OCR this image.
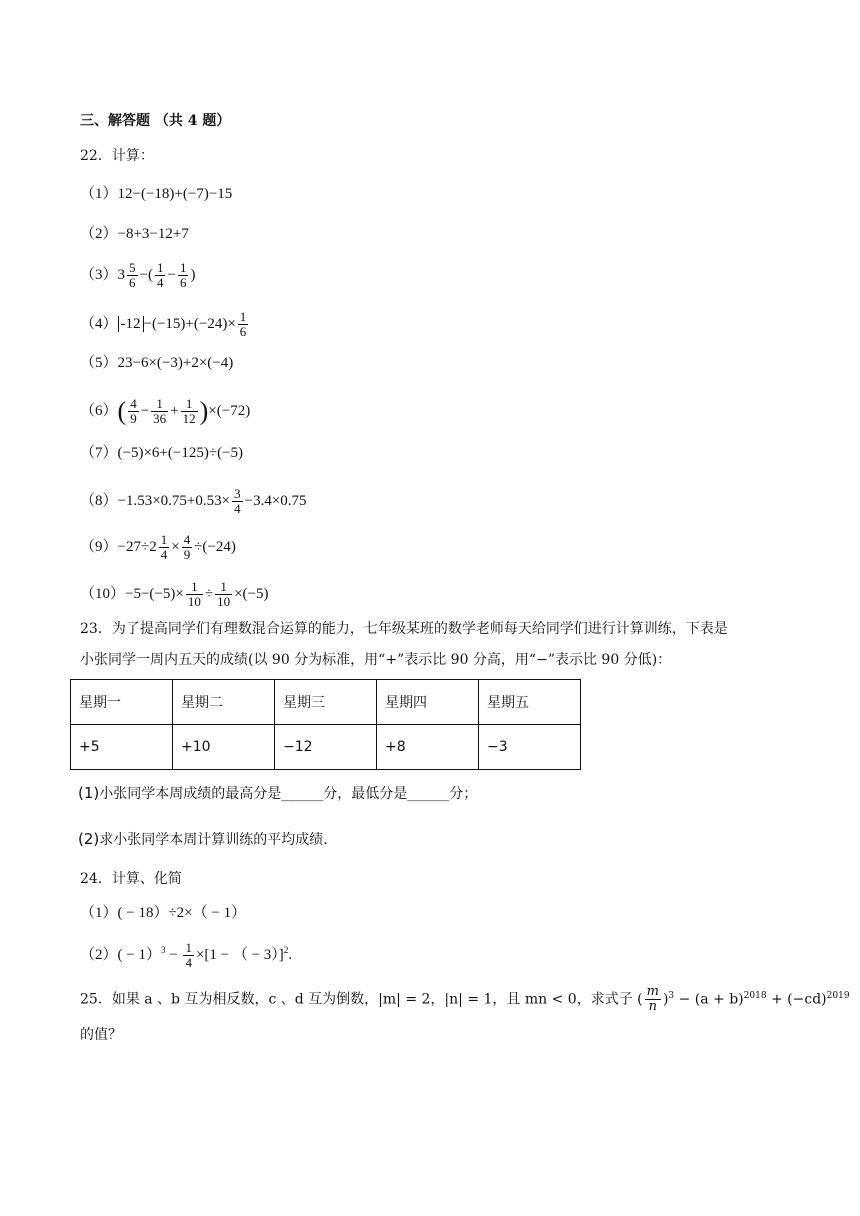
三、解答题 （共 4 题）
22．计算：
（1）12−(−18)+(−7)−15
（2）−8+3−12+7
$(3)3 \frac{5}{6}$ −( $\frac{1}{4} - \frac{1}{6}$ )
（4） $-12 -(-15)+(-24)\times \frac{1}{6}$
（5）23−6×(−3)+2×(−4)
$(6)( \frac{4}{9} - \frac{1}{36} + \frac{1}{12} )\times(-72)$
（7）(−5)×6+(−125)÷(−5)
$(8)-1.53\times 0.75+0.53\times \frac{3}{4} -3.4\times 0.75$
$(9)-27\div 2 \frac{1}{4} \times \frac{4}{9} \div(-24)$
$(10)-5-(-5)\times \frac{1}{10} \div \frac{1}{10} \times(-5)$
23．为了提高同学们有理数混合运算的能力，七年级某班的数学老师每天给同学们进行计算训练，下表是
小张同学一周内五天的成绩(以 90 分为标准，用“+”表示比 90 分高，用“−”表示比 90 分低)：
星期一	星期二	星期三	星期四	星期五
+5	+10	−12	+8	−3
(1)小张同学本周成绩的最高分是______分，最低分是______分；
(2)求小张同学本周计算训练的平均成绩．
24．计算、化简
（1）( − 18）÷2×（ − 1）
$(2)( - 1)^3 - \frac{1}{4} \times[1$ − （ − 3）]$^2$.
25．如果 a 、b 互为相反数，c 、d 互为倒数，|m| = 2，|n| = 1，且 mn < 0，求式子 ( $\frac{m}{n} )^3 - (a + b)^{2018} + (-cd)^{2019}$
的值？
